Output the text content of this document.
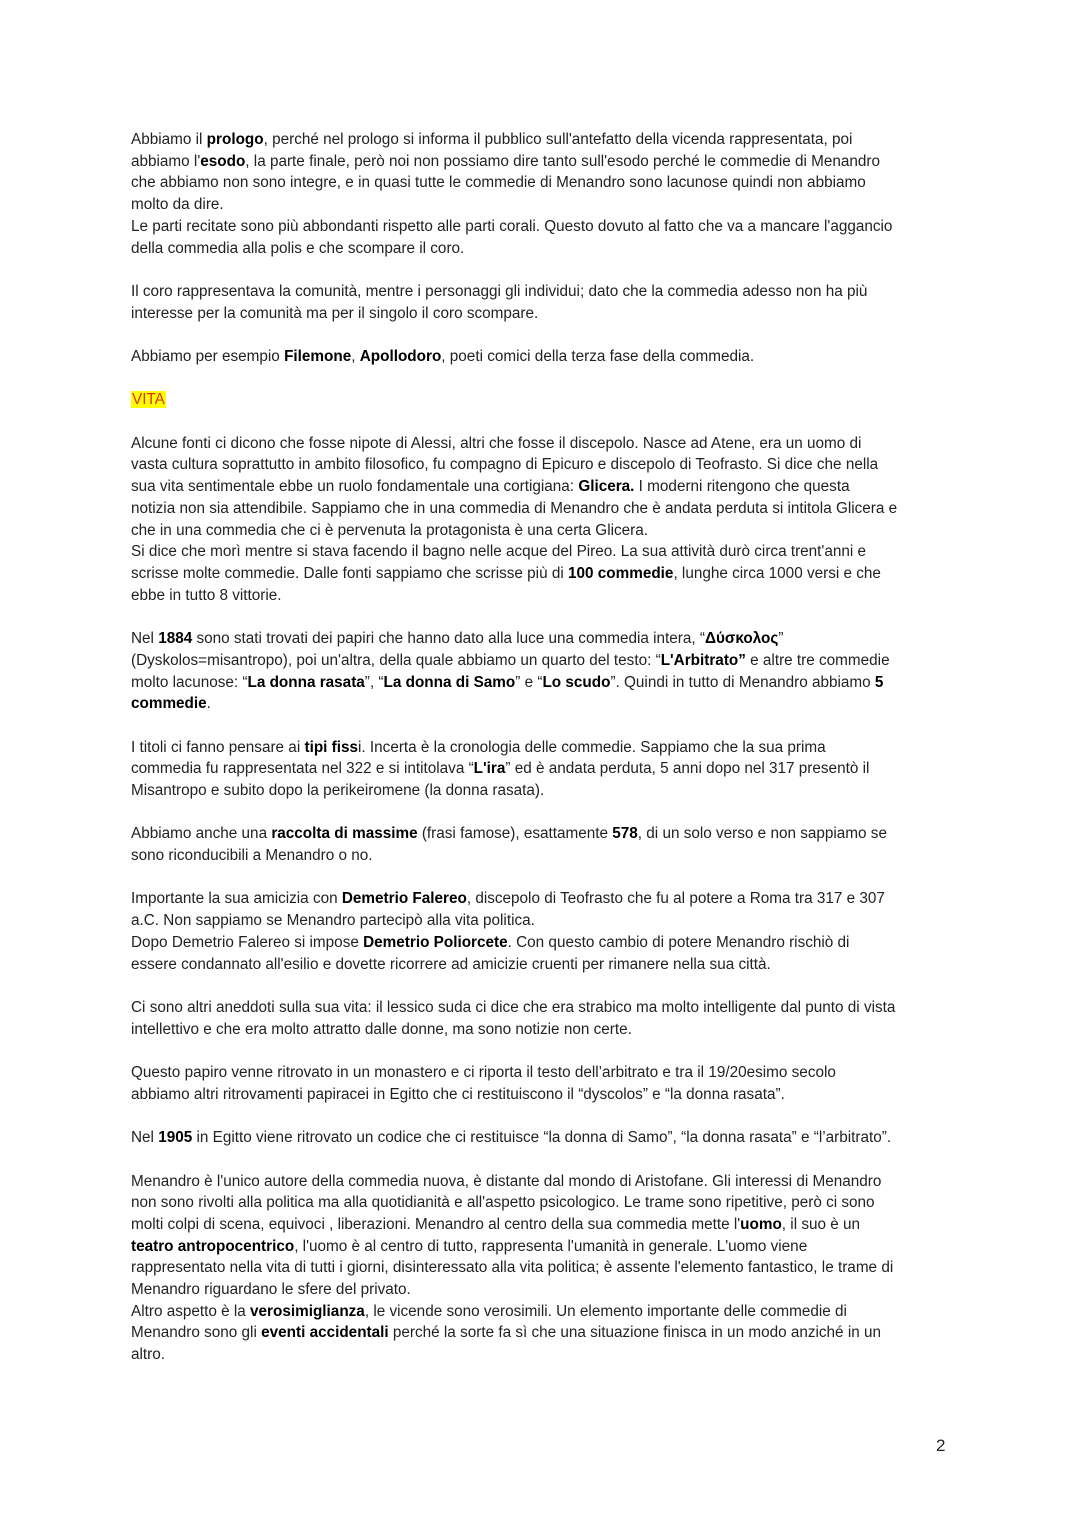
Abbiamo il prologo, perché nel prologo si informa il pubblico sull'antefatto della vicenda rappresentata, poi
abbiamo l'esodo, la parte finale, però noi non possiamo dire tanto sull'esodo perché le commedie di Menandro
che abbiamo non sono integre, e in quasi tutte le commedie di Menandro sono lacunose quindi non abbiamo
molto da dire.
Le parti recitate sono più abbondanti rispetto alle parti corali. Questo dovuto al fatto che va a mancare l'aggancio
della commedia alla polis e che scompare il coro.
Il coro rappresentava la comunità, mentre i personaggi gli individui; dato che la commedia adesso non ha più
interesse per la comunità ma per il singolo il coro scompare.
Abbiamo per esempio Filemone, Apollodoro, poeti comici della terza fase della commedia.
VITA
Alcune fonti ci dicono che fosse nipote di Alessi, altri che fosse il discepolo. Nasce ad Atene, era un uomo di
vasta cultura soprattutto in ambito filosofico, fu compagno di Epicuro e discepolo di Teofrasto. Si dice che nella
sua vita sentimentale ebbe un ruolo fondamentale una cortigiana: Glicera. I moderni ritengono che questa
notizia non sia attendibile. Sappiamo che in una commedia di Menandro che è andata perduta si intitola Glicera e
che in una commedia che ci è pervenuta la protagonista è una certa Glicera.
Si dice che morì mentre si stava facendo il bagno nelle acque del Pireo. La sua attività durò circa trent'anni e
scrisse molte commedie. Dalle fonti sappiamo che scrisse più di 100 commedie, lunghe circa 1000 versi e che
ebbe in tutto 8 vittorie.
Nel 1884 sono stati trovati dei papiri che hanno dato alla luce una commedia intera, “Δύσκολος”
(Dyskolos=misantropo), poi un'altra, della quale abbiamo un quarto del testo: “L'Arbitrato” e altre tre commedie
molto lacunose: “La donna rasata”, “La donna di Samo” e “Lo scudo”. Quindi in tutto di Menandro abbiamo 5
commedie.
I titoli ci fanno pensare ai tipi fissi. Incerta è la cronologia delle commedie. Sappiamo che la sua prima
commedia fu rappresentata nel 322 e si intitolava “L'ira” ed è andata perduta, 5 anni dopo nel 317 presentò il
Misantropo e subito dopo la perikeiromene (la donna rasata).
Abbiamo anche una raccolta di massime (frasi famose), esattamente 578, di un solo verso e non sappiamo se
sono riconducibili a Menandro o no.
Importante la sua amicizia con Demetrio Falereo, discepolo di Teofrasto che fu al potere a Roma tra 317 e 307
a.C. Non sappiamo se Menandro partecipò alla vita politica.
Dopo Demetrio Falereo si impose Demetrio Poliorcete. Con questo cambio di potere Menandro rischiò di
essere condannato all'esilio e dovette ricorrere ad amicizie cruenti per rimanere nella sua città.
Ci sono altri aneddoti sulla sua vita: il lessico suda ci dice che era strabico ma molto intelligente dal punto di vista
intellettivo e che era molto attratto dalle donne, ma sono notizie non certe.
Questo papiro venne ritrovato in un monastero e ci riporta il testo dell’arbitrato e tra il 19/20esimo secolo
abbiamo altri ritrovamenti papiracei in Egitto che ci restituiscono il “dyscolos” e “la donna rasata”.
Nel 1905 in Egitto viene ritrovato un codice che ci restituisce “la donna di Samo”, “la donna rasata” e “l’arbitrato”.
Menandro è l'unico autore della commedia nuova, è distante dal mondo di Aristofane. Gli interessi di Menandro
non sono rivolti alla politica ma alla quotidianità e all'aspetto psicologico. Le trame sono ripetitive, però ci sono
molti colpi di scena, equivoci , liberazioni. Menandro al centro della sua commedia mette l'uomo, il suo è un
teatro antropocentrico, l'uomo è al centro di tutto, rappresenta l'umanità in generale. L'uomo viene
rappresentato nella vita di tutti i giorni, disinteressato alla vita politica; è assente l'elemento fantastico, le trame di
Menandro riguardano le sfere del privato.
Altro aspetto è la verosimiglianza, le vicende sono verosimili. Un elemento importante delle commedie di
Menandro sono gli eventi accidentali perché la sorte fa sì che una situazione finisca in un modo anziché in un
altro.
2
